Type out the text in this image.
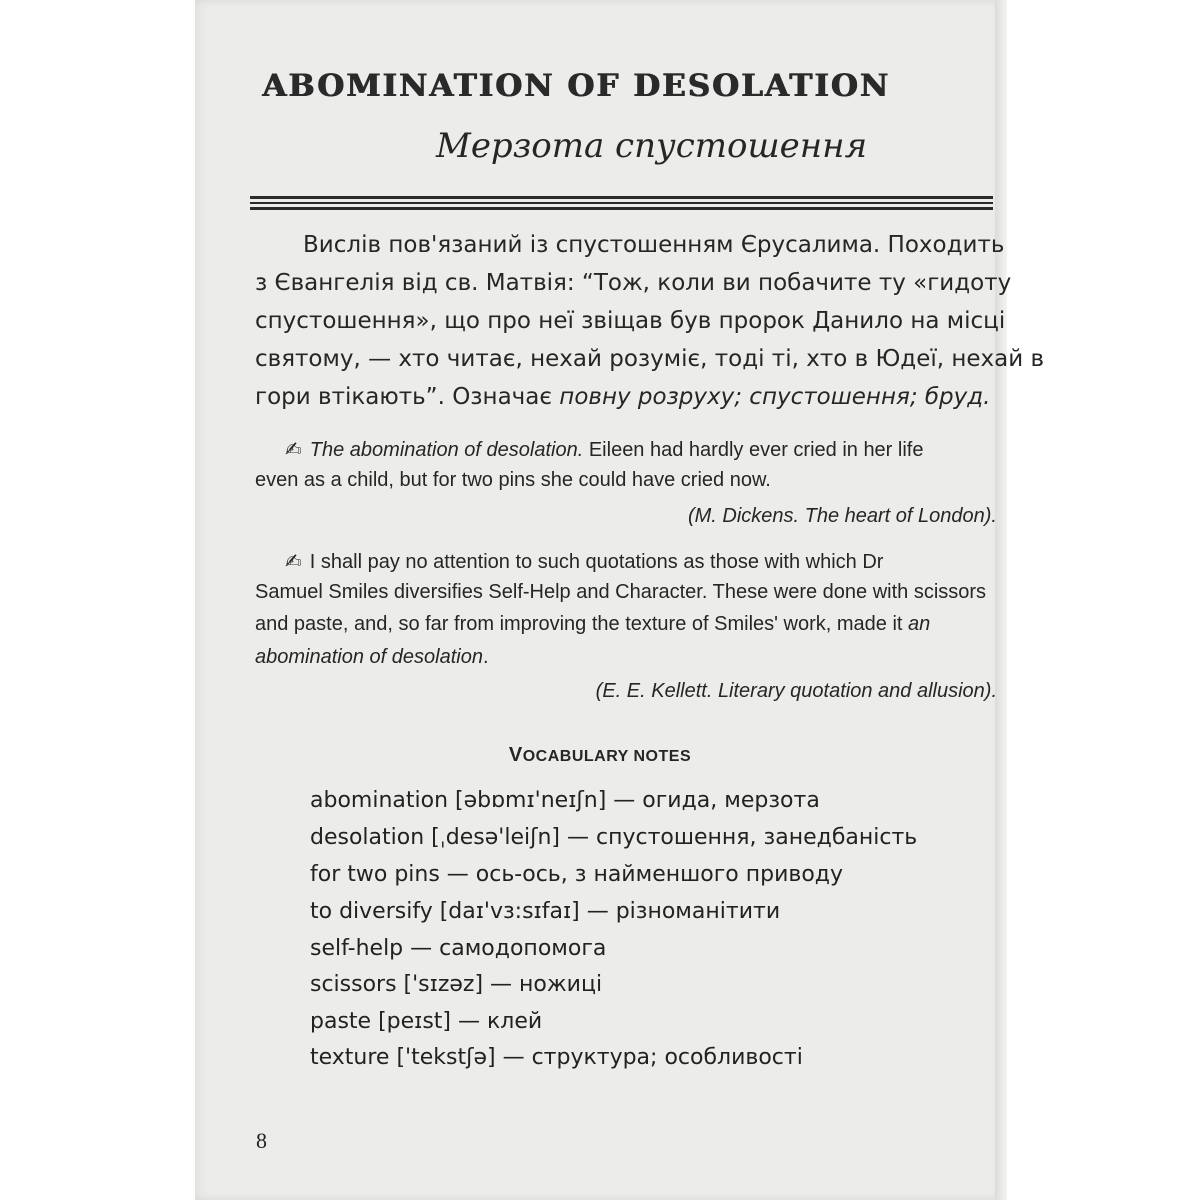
ABOMINATION OF DESOLATION
Мерзота спустошення
Вислів пов'язаний із спустошенням Єрусалима. Походить
з Євангелія від св. Матвія: “Тож, коли ви побачите ту «гидоту
спустошення», що про неї звіщав був пророк Данило на місці
святому, — хто читає, нехай розуміє, тоді ті, хто в Юдеї, нехай в
гори втікають”. Означає повну розруху; спустошення; бруд.
✍ The abomination of desolation. Eileen had hardly ever cried in her life
even as a child, but for two pins she could have cried now.
(M. Dickens. The heart of London).
✍ I shall pay no attention to such quotations as those with which Dr
Samuel Smiles diversifies Self-Help and Character. These were done with scissors
and paste, and, so far from improving the texture of Smiles' work, made it an
abomination of desolation.
(E. E. Kellett. Literary quotation and allusion).
VOCABULARY NOTES
abomination [əbɒmɪ'neɪʃn] — огида, мерзота
desolation [ˌdesə'leiʃn] — спустошення, занедбаність
for two pins — ось-ось, з найменшого приводу
to diversify [daɪ'vɜ:sɪfaɪ] — різноманітити
self-help — самодопомога
scissors ['sɪzəz] — ножиці
paste [peɪst] — клей
texture ['tekstʃə] — структура; особливості
8
